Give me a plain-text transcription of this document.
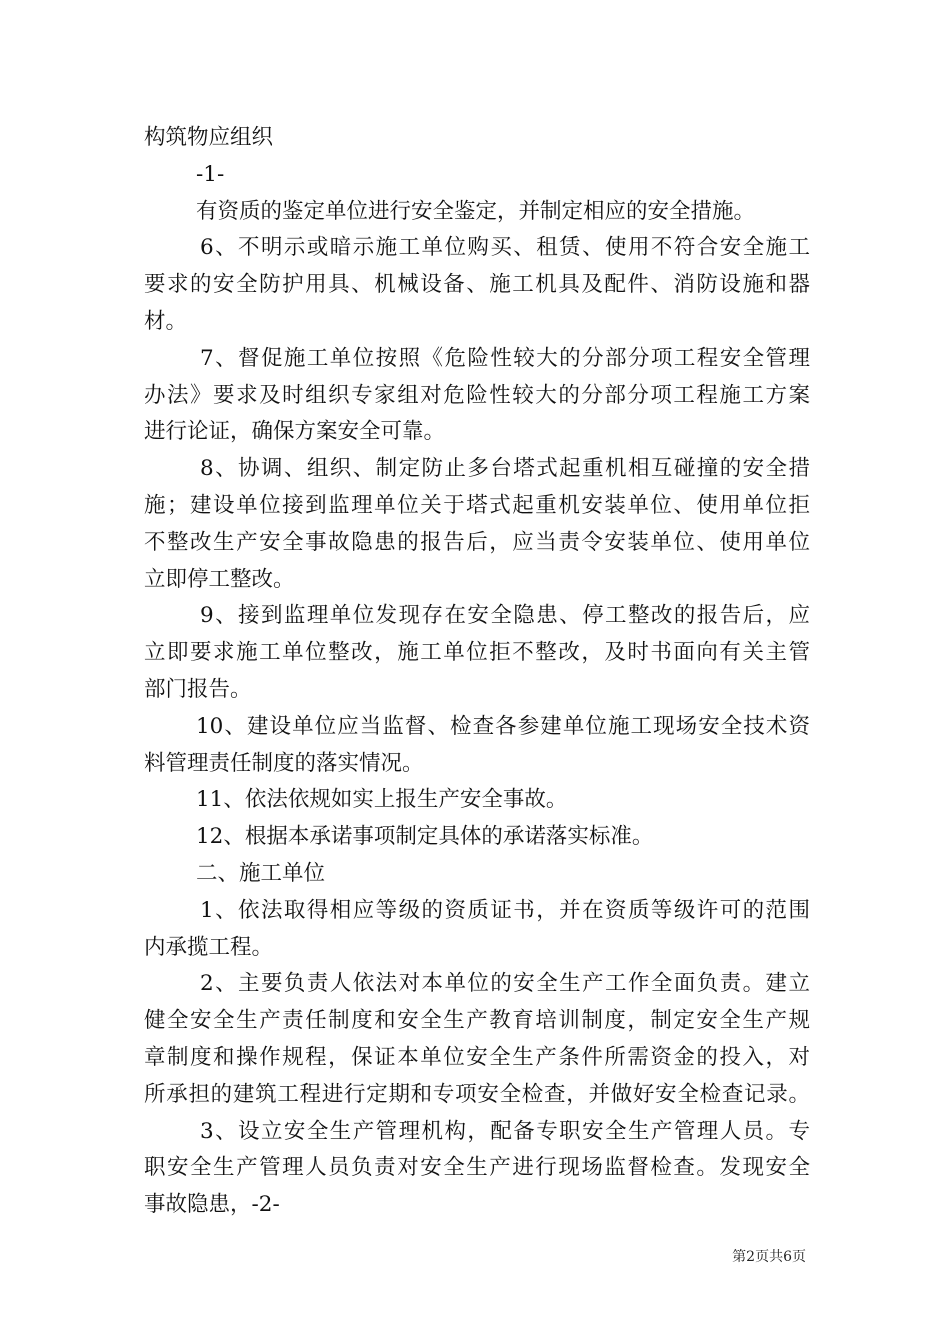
构筑物应组织
-1-
有资质的鉴定单位进行安全鉴定，并制定相应的安全措施。
6、不明示或暗示施工单位购买、租赁、使用不符合安全施工
要求的安全防护用具、机械设备、施工机具及配件、消防设施和器
材。
7、督促施工单位按照《危险性较大的分部分项工程安全管理
办法》要求及时组织专家组对危险性较大的分部分项工程施工方案
进行论证，确保方案安全可靠。
8、协调、组织、制定防止多台塔式起重机相互碰撞的安全措
施；建设单位接到监理单位关于塔式起重机安装单位、使用单位拒
不整改生产安全事故隐患的报告后，应当责令安装单位、使用单位
立即停工整改。
9、接到监理单位发现存在安全隐患、停工整改的报告后，应
立即要求施工单位整改，施工单位拒不整改，及时书面向有关主管
部门报告。
10、建设单位应当监督、检查各参建单位施工现场安全技术资
料管理责任制度的落实情况。
11、依法依规如实上报生产安全事故。
12、根据本承诺事项制定具体的承诺落实标准。
二、施工单位
1、依法取得相应等级的资质证书，并在资质等级许可的范围
内承揽工程。
2、主要负责人依法对本单位的安全生产工作全面负责。建立
健全安全生产责任制度和安全生产教育培训制度，制定安全生产规
章制度和操作规程，保证本单位安全生产条件所需资金的投入，对
所承担的建筑工程进行定期和专项安全检查，并做好安全检查记录。
3、设立安全生产管理机构，配备专职安全生产管理人员。专
职安全生产管理人员负责对安全生产进行现场监督检查。发现安全
事故隐患，-2-
第2页共6页
